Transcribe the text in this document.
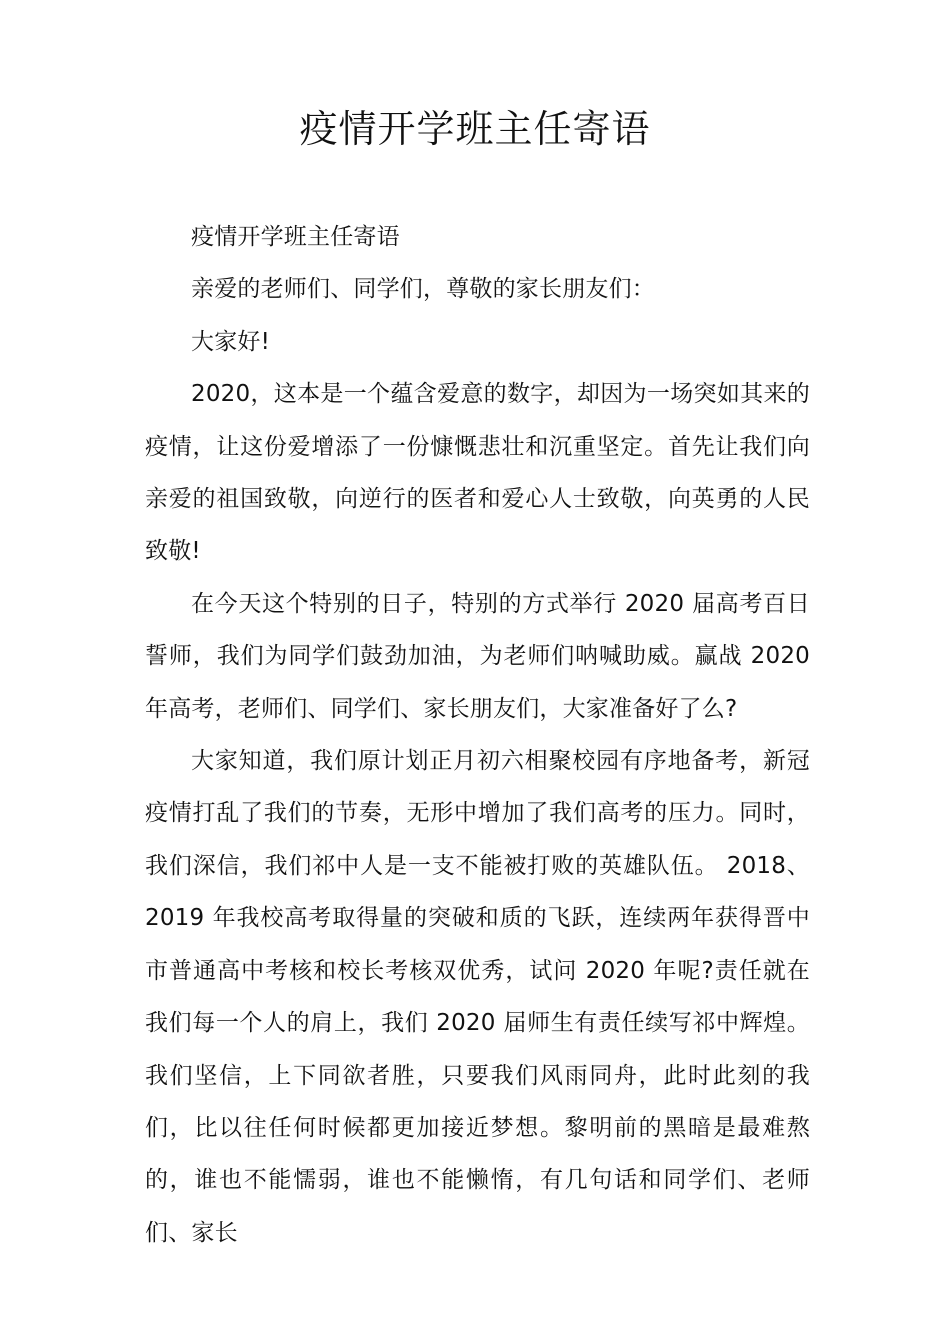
疫情开学班主任寄语

疫情开学班主任寄语

亲爱的老师们、同学们，尊敬的家长朋友们：

大家好!

2020，这本是一个蕴含爱意的数字，却因为一场突如其来的疫情，让这份爱增添了一份慷慨悲壮和沉重坚定。首先让我们向亲爱的祖国致敬，向逆行的医者和爱心人士致敬，向英勇的人民致敬!

在今天这个特别的日子，特别的方式举行 2020 届高考百日誓师，我们为同学们鼓劲加油，为老师们呐喊助威。赢战 2020 年高考，老师们、同学们、家长朋友们，大家准备好了么?

大家知道，我们原计划正月初六相聚校园有序地备考，新冠疫情打乱了我们的节奏，无形中增加了我们高考的压力。同时，我们深信，我们祁中人是一支不能被打败的英雄队伍。 2018、2019 年我校高考取得量的突破和质的飞跃，连续两年获得晋中市普通高中考核和校长考核双优秀，试问 2020 年呢?责任就在我们每一个人的肩上，我们 2020 届师生有责任续写祁中辉煌。我们坚信，上下同欲者胜，只要我们风雨同舟，此时此刻的我们，比以往任何时候都更加接近梦想。黎明前的黑暗是最难熬的，谁也不能懦弱，谁也不能懒惰，有几句话和同学们、老师们、家长
